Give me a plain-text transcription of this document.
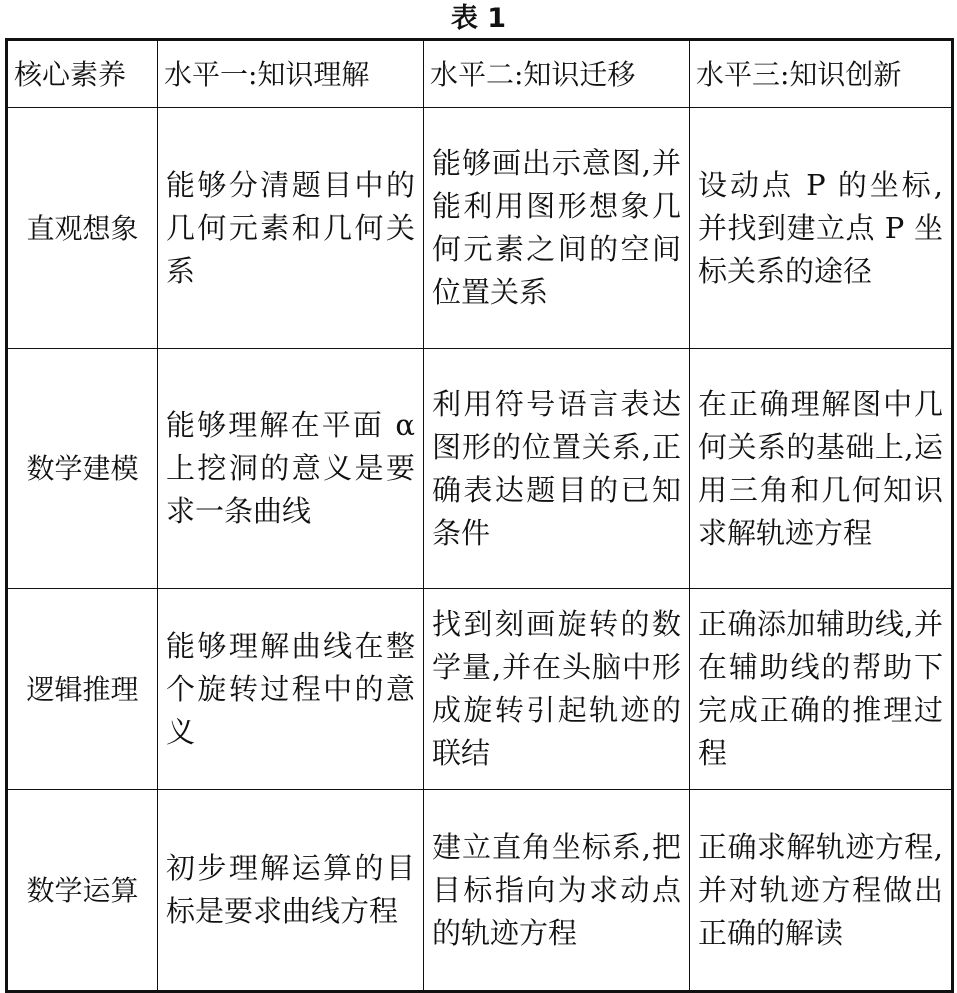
表 1
核心素养	水平一:知识理解	水平二:知识迁移	水平三:知识创新
直观想象	能够分清题目中的几何元素和几何关系	能够画出示意图,并能利用图形想象几何元素之间的空间位置关系	设动点 P 的坐标,并找到建立点 P 坐标关系的途径
数学建模	能够理解在平面 α 上挖洞的意义是要求一条曲线	利用符号语言表达图形的位置关系,正确表达题目的已知条件	在正确理解图中几何关系的基础上,运用三角和几何知识求解轨迹方程
逻辑推理	能够理解曲线在整个旋转过程中的意义	找到刻画旋转的数学量,并在头脑中形成旋转引起轨迹的联结	正确添加辅助线,并在辅助线的帮助下完成正确的推理过程
数学运算	初步理解运算的目标是要求曲线方程	建立直角坐标系,把目标指向为求动点的轨迹方程	正确求解轨迹方程,并对轨迹方程做出正确的解读
